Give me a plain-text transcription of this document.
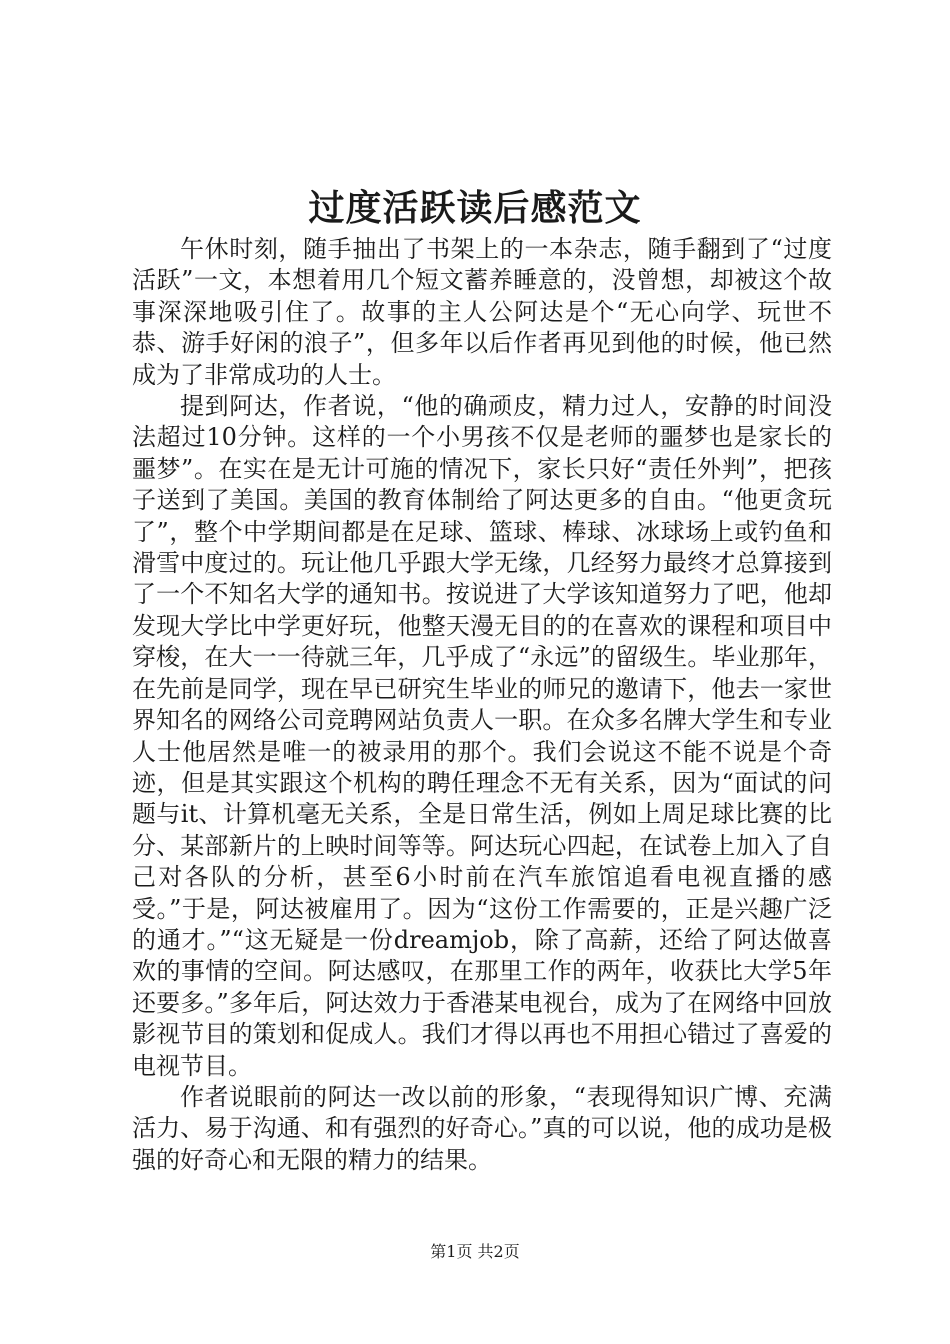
过度活跃读后感范文

午休时刻，随手抽出了书架上的一本杂志，随手翻到了“过度活跃”一文，本想着用几个短文蓄养睡意的，没曾想，却被这个故事深深地吸引住了。故事的主人公阿达是个“无心向学、玩世不恭、游手好闲的浪子”，但多年以后作者再见到他的时候，他已然成为了非常成功的人士。

提到阿达，作者说，“他的确顽皮，精力过人，安静的时间没法超过10分钟。这样的一个小男孩不仅是老师的噩梦也是家长的噩梦”。在实在是无计可施的情况下，家长只好“责任外判”，把孩子送到了美国。美国的教育体制给了阿达更多的自由。“他更贪玩了”，整个中学期间都是在足球、篮球、棒球、冰球场上或钓鱼和滑雪中度过的。玩让他几乎跟大学无缘，几经努力最终才总算接到了一个不知名大学的通知书。按说进了大学该知道努力了吧，他却发现大学比中学更好玩，他整天漫无目的的在喜欢的课程和项目中穿梭，在大一一待就三年，几乎成了“永远”的留级生。毕业那年，在先前是同学，现在早已研究生毕业的师兄的邀请下，他去一家世界知名的网络公司竞聘网站负责人一职。在众多名牌大学生和专业人士他居然是唯一的被录用的那个。我们会说这不能不说是个奇迹，但是其实跟这个机构的聘任理念不无有关系，因为“面试的问题与it、计算机毫无关系，全是日常生活，例如上周足球比赛的比分、某部新片的上映时间等等。阿达玩心四起，在试卷上加入了自己对各队的分析，甚至6小时前在汽车旅馆追看电视直播的感受。”于是，阿达被雇用了。因为“这份工作需要的，正是兴趣广泛的通才。”“这无疑是一份dreamjob，除了高薪，还给了阿达做喜欢的事情的空间。阿达感叹，在那里工作的两年，收获比大学5年还要多。”多年后，阿达效力于香港某电视台，成为了在网络中回放影视节目的策划和促成人。我们才得以再也不用担心错过了喜爱的电视节目。

作者说眼前的阿达一改以前的形象，“表现得知识广博、充满活力、易于沟通、和有强烈的好奇心。”真的可以说，他的成功是极强的好奇心和无限的精力的结果。

第1页 共2页
